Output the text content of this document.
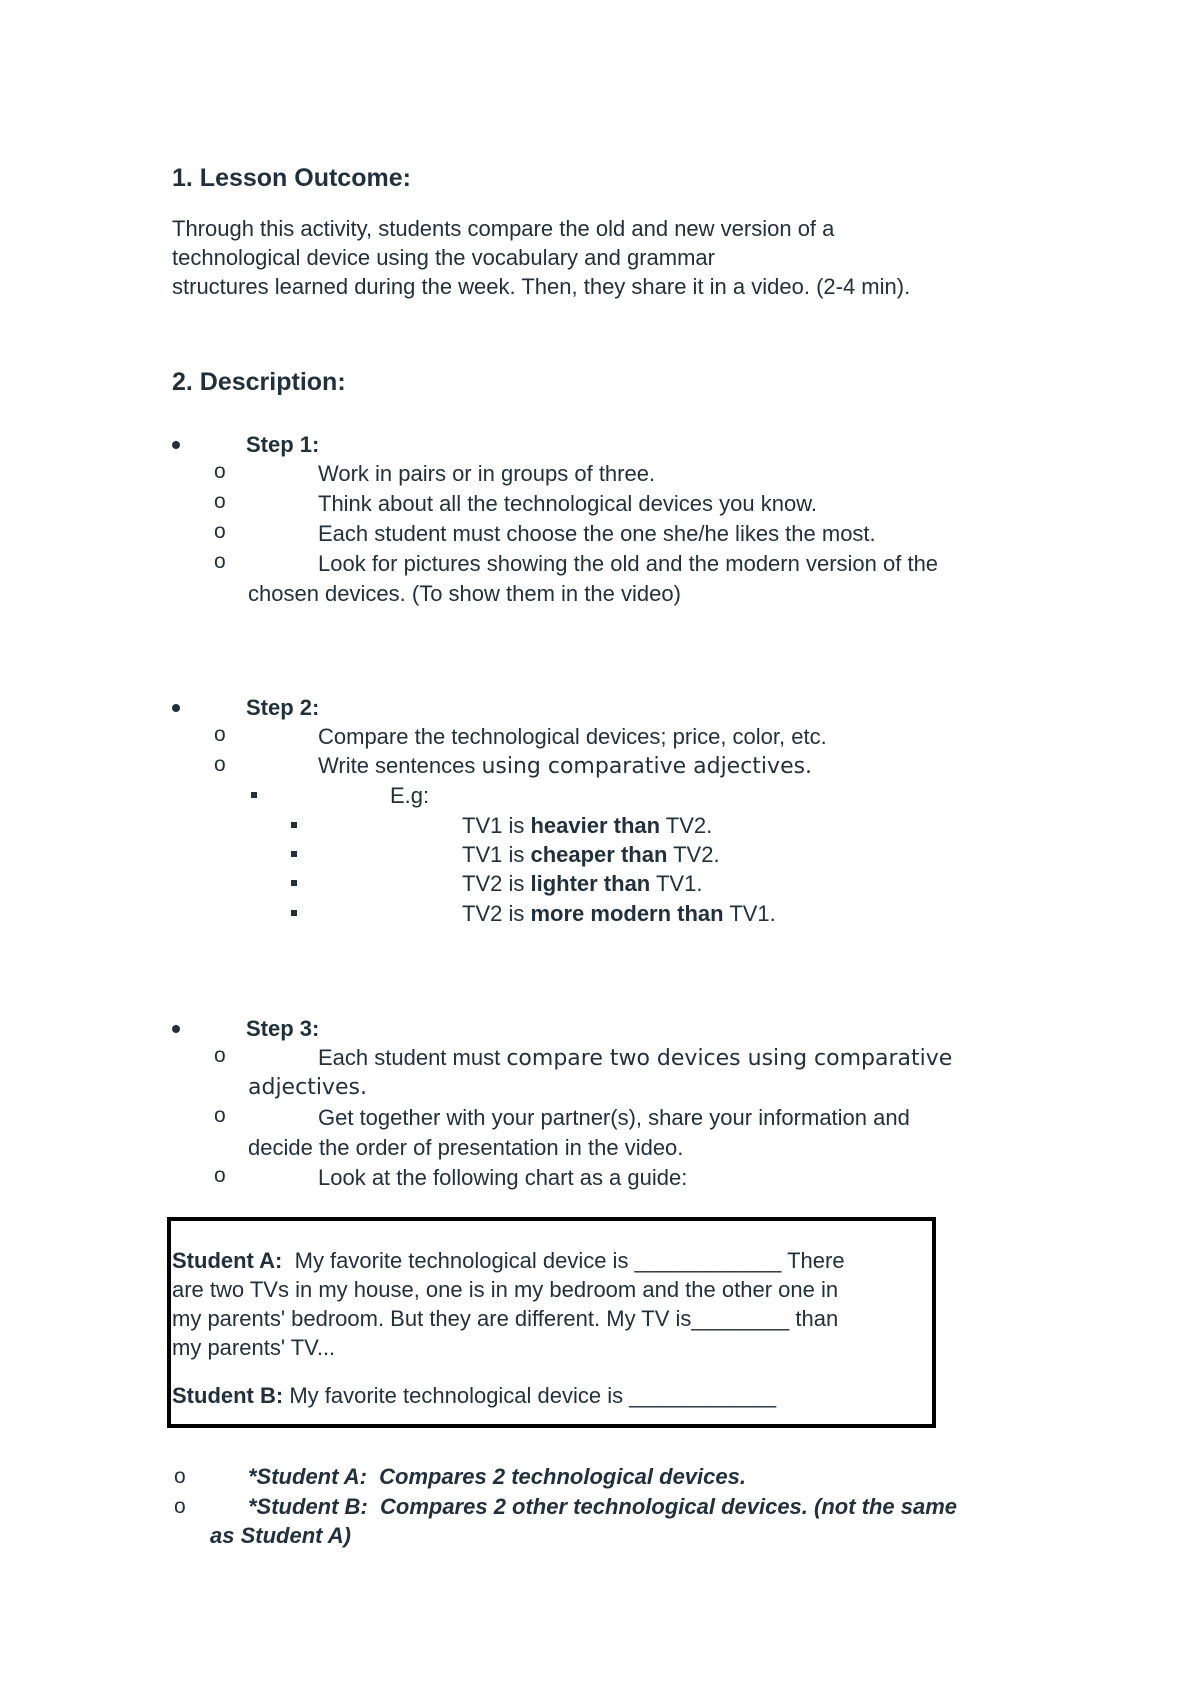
1. Lesson Outcome:
Through this activity, students compare the old and new version of a
technological device using the vocabulary and grammar
structures learned during the week. Then, they share it in a video. (2-4 min).
2. Description:
Step 1:
o	Work in pairs or in groups of three.
o	Think about all the technological devices you know.
o	Each student must choose the one she/he likes the most.
o	Look for pictures showing the old and the modern version of the
chosen devices. (To show them in the video)
Step 2:
o	Compare the technological devices; price, color, etc.
o	Write sentences using comparative adjectives.
E.g:
TV1 is heavier than TV2.
TV1 is cheaper than TV2.
TV2 is lighter than TV1.
TV2 is more modern than TV1.
Step 3:
o	Each student must compare two devices using comparative
adjectives.
o	Get together with your partner(s), share your information and
decide the order of presentation in the video.
o	Look at the following chart as a guide:
Student A:  My favorite technological device is ____________ There
are two TVs in my house, one is in my bedroom and the other one in
my parents' bedroom. But they are different. My TV is________ than
my parents' TV...
Student B: My favorite technological device is ____________
o	*Student A:  Compares 2 technological devices.
o	*Student B:  Compares 2 other technological devices. (not the same
as Student A)
